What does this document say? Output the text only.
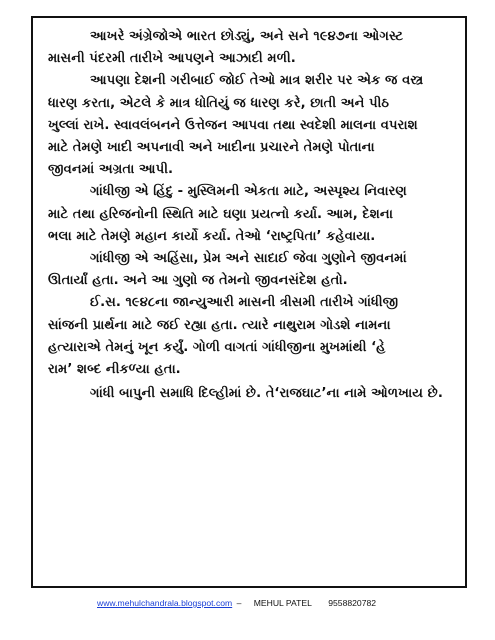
આખરે અંગ્રેજોએ ભારત છોડ્યું, અને સને ૧૯૪૭ના ઓગસ્ટ
માસની પંદરમી તારીખે આપણને આઝાદી મળી.
આપણા દેશની ગરીબાઈ જોઈ તેઓ માત્ર શરીર પર એક જ વસ્ત્ર
ધારણ કરતા, એટલે કે માત્ર ધોતિયું જ ધારણ કરે, છાતી અને પીઠ
ખુલ્લાં રાખે. સ્વાવલંબનને ઉત્તેજન આપવા તથા સ્વદેશી માલના વપરાશ
માટે તેમણે ખાદી અપનાવી અને ખાદીના પ્રચારને તેમણે પોતાના
જીવનમાં અગ્રતા આપી.
ગાંધીજી એ હિંદુ - મુસ્લિમની એકતા માટે, અસ્પૃશ્ય નિવારણ
માટે તથા હરિજનોની સ્થિતિ માટે ઘણા પ્રયત્નો કર્યા. આમ, દેશના
ભલા માટે તેમણે મહાન કાર્યો કર્યા. તેઓ ‘રાષ્ટ્રપિતા’ કહેવાયા.
ગાંધીજી એ અહિંસા, પ્રેમ અને સાદાઈ જેવા ગુણોને જીવનમાં
ઊતાર્યાં હતા. અને આ ગુણો જ તેમનો જીવનસંદેશ હતો.
ઈ.સ. ૧૯૪૮ના જાન્યુઆરી માસની ત્રીસમી તારીખે ગાંધીજી
સાંજની પ્રાર્થના માટે જઈ રહ્યા હતા. ત્યારે નાથુરામ ગોડશે નામના
હત્યારાએ તેમનું ખૂન કર્યું. ગોળી વાગતાં ગાંધીજીના મુખમાંથી ‘હે
રામ’ શબ્દ નીકળ્યા હતા.
ગાંધી બાપુની સમાધિ દિલ્હીમાં છે. તે‘રાજઘાટ’ના નામે ઓળખાય છે.
www.mehulchandrala.blogspot.com – MEHUL PATEL 9558820782
